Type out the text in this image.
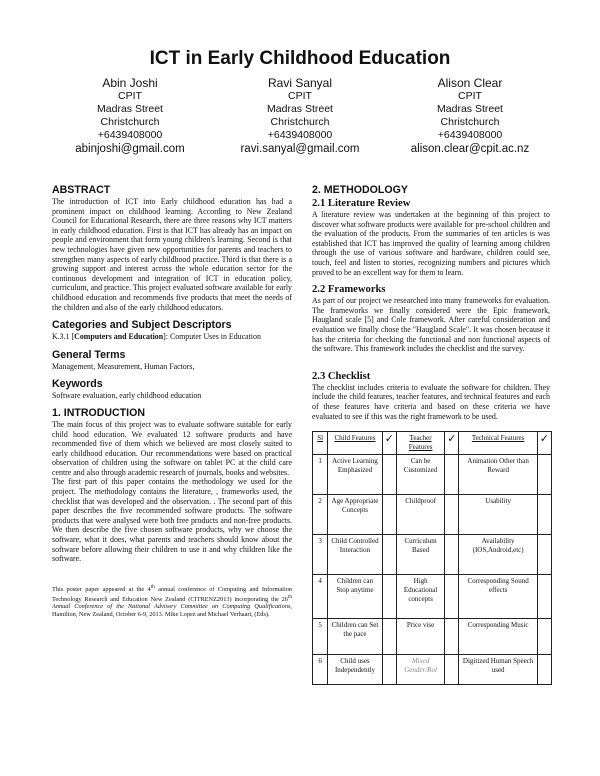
ICT in Early Childhood Education
Abin Joshi
CPIT
Madras Street
Christchurch
+6439408000
abinjoshi@gmail.com
Ravi Sanyal
CPIT
Madras Street
Christchurch
+6439408000
ravi.sanyal@gmail.com
Alison Clear
CPIT
Madras Street
Christchurch
+6439408000
alison.clear@cpit.ac.nz
ABSTRACT

The introduction of ICT into Early childhood education has had a prominent impact on childhood learning. According to New Zealand Council for Educational Research, there are three reasons why ICT matters in early childhood education. First is that ICT has already has an impact on people and environment that form young children's learning. Second is that new technologies have given new opportunities for parents and teachers to strengthen many aspects of early childhood practice. Third is that there is a growing support and interest across the whole education sector for the continuous development and integration of ICT in education policy, curriculum, and practice. This project evaluated software available for early childhood education and recommends five products that meet the needs of the children and also of the early childhood educators.

Categories and Subject Descriptors

K.3.1 [Computers and Education]: Computer Uses in Education

General Terms

Management, Measurement, Human Factors,

Keywords

Software evaluation, early childhood education

1. INTRODUCTION

The main focus of this project was to evaluate software suitable for early child hood education. We evaluated 12 software products and have recommended five of them which we believed are most closely suited to early childhood education. Our recommendations were based on practical observation of children using the software on tablet PC at the child care centre and also through academic research of journals, books and websites.

The first part of this paper contains the methodology we used for the project. The methodology contains the literature, , frameworks used, the checklist that was developed and the observation. . The second part of this paper describes the five recommended software products. The software products that were analysed were both free products and non-free products. We then describe the five chosen software products, why we choose the software, what it does, what parents and teachers should know about the software before allowing their children to use it and why children like the software.

This poster paper appeared at the 4th annual conference of Computing and Information Technology Research and Education New Zealand (CITRENZ2013) incorporating the 26th Annual Conference of the National Advisory Committee on Computing Qualifications, Hamilton, New Zealand, October 6-9, 2013. Mike Lopez and Michael Verhaart, (Eds).

2. METHODOLOGY
2.1 Literature Review

A literature review was undertaken at the beginning of this project to discover what software products were available for pre-school children and the evaluation of the products. From the summaries of ten articles is was established that ICT has improved the quality of learning among children through the use of various software and hardware, children could see, touch, feel and listen to stories, recognizing numbers and pictures which proved to be an excellent way for them to learn.

2.2 Frameworks

As part of our project we researched into many frameworks for evaluation. The frameworks we finally considered were the Epic framework, Haugland scale [5] and Cole framework. After careful consideration and evaluation we finally chose the "Haugland Scale". It was chosen because it has the criteria for checking the functional and non functional aspects of the software. This framework includes the checklist and the survey.

2.3 Checklist

The checklist includes criteria to evaluate the software for children. They include the child features, teacher features, and technical features and each of these features have criteria and based on these criteria we have evaluated to see if this was the right framework to be used.

Sl	Child Features	✓	Teacher Features	✓	Technical Features	✓
1	Active Learning Emphasized		Can be Customized		Animation Other than Reward	
2	Age Appropriate Concepts		Childproof		Usability	
3	Child Controlled Interaction		Curriculum Based		Availability (IOS,Android,etc)	
4	Children can Stop anytime		High Educational concepts		Corresponding Sound effects	
5	Children can Set the pace		Price vise		Corresponding Music	
6	Child uses Independently		Mixed Gender/Rol		Digitized Human Speech used	
